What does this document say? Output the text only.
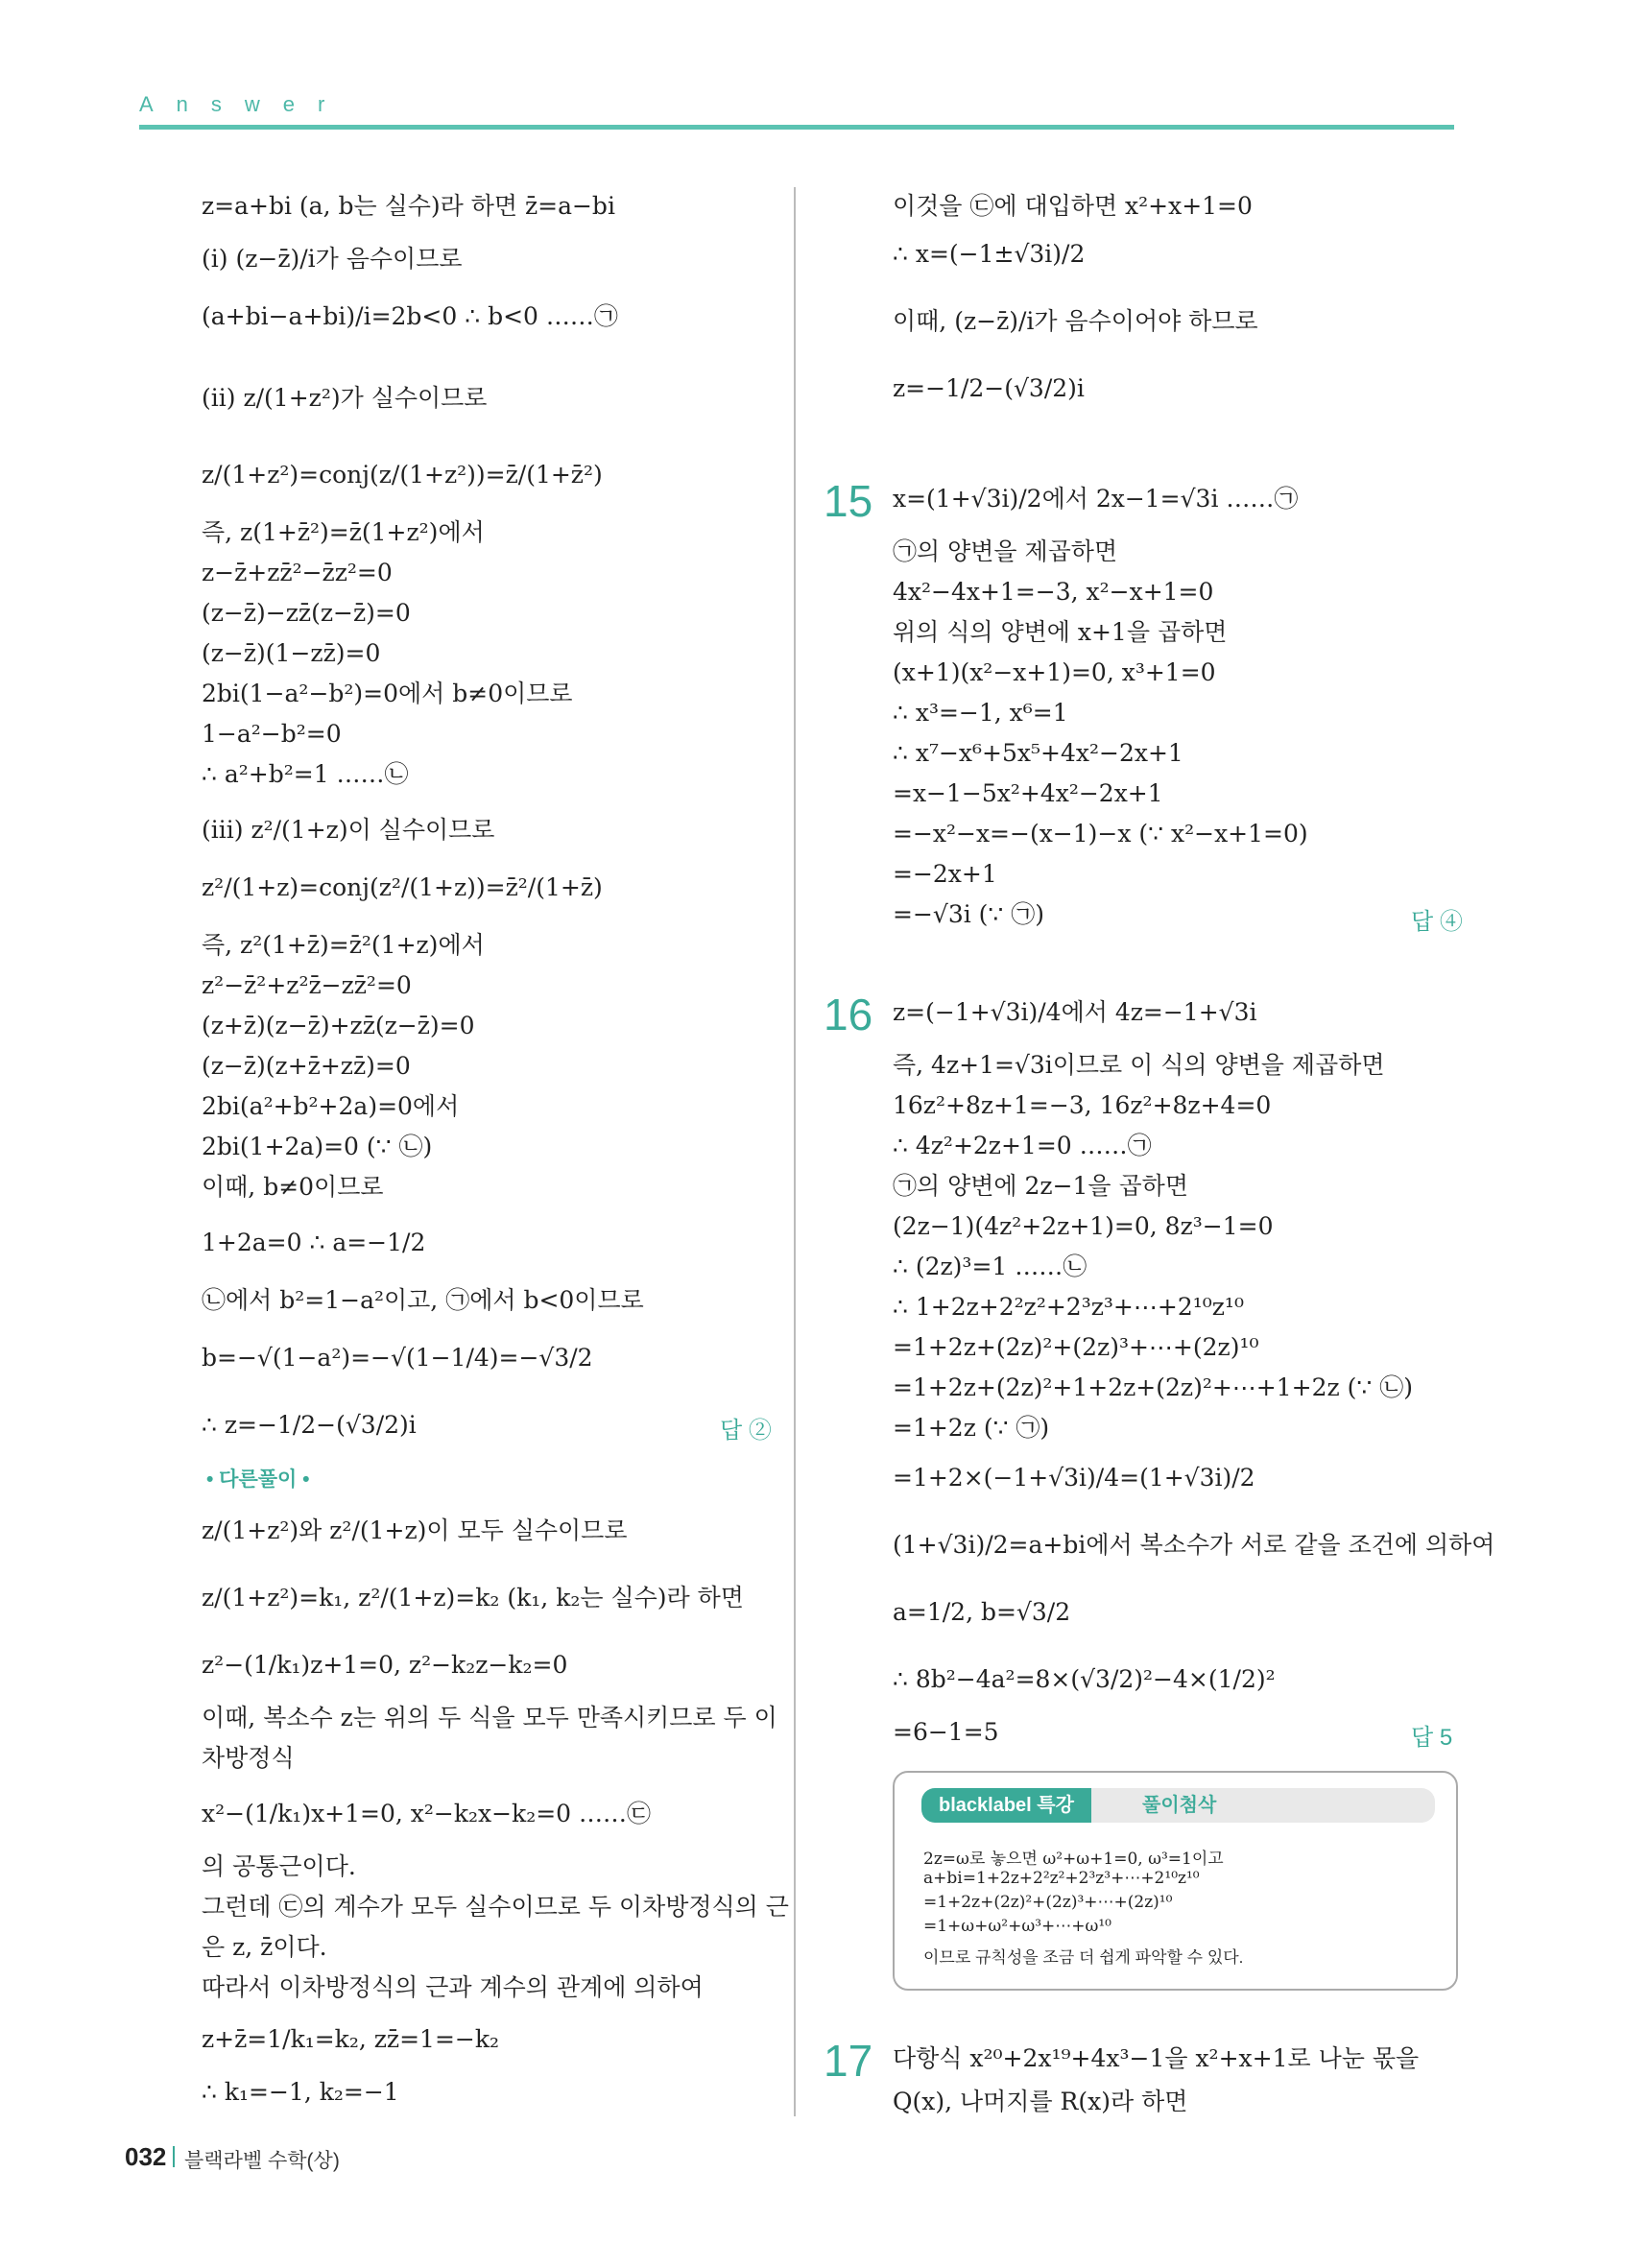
Answer
z=a+bi (a, b는 실수)라 하면 z̄=a−bi
(i) (z−z̄)/i가 음수이므로
(a+bi−a+bi)/i=2b<0 ∴ b<0 ……㉠
(ii) z/(1+z²)가 실수이므로
z/(1+z²)=conj(z/(1+z²))=z̄/(1+z̄²)
즉, z(1+z̄²)=z̄(1+z²)에서
z−z̄+zz̄²−z̄z²=0
(z−z̄)−zz̄(z−z̄)=0
(z−z̄)(1−zz̄)=0
2bi(1−a²−b²)=0에서 b≠0이므로
1−a²−b²=0
∴ a²+b²=1 ……㉡
(iii) z²/(1+z)이 실수이므로
z²/(1+z)=conj(z²/(1+z))=z̄²/(1+z̄)
즉, z²(1+z̄)=z̄²(1+z)에서
z²−z̄²+z²z̄−zz̄²=0
(z+z̄)(z−z̄)+zz̄(z−z̄)=0
(z−z̄)(z+z̄+zz̄)=0
2bi(a²+b²+2a)=0에서
2bi(1+2a)=0 (∵ ㉡)
이때, b≠0이므로
1+2a=0 ∴ a=−1/2
㉡에서 b²=1−a²이고, ㉠에서 b<0이므로
b=−√(1−a²)=−√(1−1/4)=−√3/2
∴ z=−1/2−(√3/2)i
• 다른풀이 •
z/(1+z²)와 z²/(1+z)이 모두 실수이므로
z/(1+z²)=k₁, z²/(1+z)=k₂ (k₁, k₂는 실수)라 하면
z²−(1/k₁)z+1=0, z²−k₂z−k₂=0
이때, 복소수 z는 위의 두 식을 모두 만족시키므로 두 이
차방정식
x²−(1/k₁)x+1=0, x²−k₂x−k₂=0 ……㉢
의 공통근이다.
그런데 ㉢의 계수가 모두 실수이므로 두 이차방정식의 근
은 z, z̄이다.
따라서 이차방정식의 근과 계수의 관계에 의하여
z+z̄=1/k₁=k₂, zz̄=1=−k₂
∴ k₁=−1, k₂=−1
답 ②
이것을 ㉢에 대입하면 x²+x+1=0
∴ x=(−1±√3i)/2
이때, (z−z̄)/i가 음수이어야 하므로
z=−1/2−(√3/2)i
15 x=(1+√3i)/2에서 2x−1=√3i ……㉠
㉠의 양변을 제곱하면
4x²−4x+1=−3, x²−x+1=0
위의 식의 양변에 x+1을 곱하면
(x+1)(x²−x+1)=0, x³+1=0
∴ x³=−1, x⁶=1
∴ x⁷−x⁶+5x⁵+4x²−2x+1
=x−1−5x²+4x²−2x+1
=−x²−x=−(x−1)−x (∵ x²−x+1=0)
=−2x+1
=−√3i (∵ ㉠)	답 ④
16 z=(−1+√3i)/4에서 4z=−1+√3i
즉, 4z+1=√3i이므로 이 식의 양변을 제곱하면
16z²+8z+1=−3, 16z²+8z+4=0
∴ 4z²+2z+1=0 ……㉠
㉠의 양변에 2z−1을 곱하면
(2z−1)(4z²+2z+1)=0, 8z³−1=0
∴ (2z)³=1 ……㉡
∴ 1+2z+2²z²+2³z³+⋯+2¹⁰z¹⁰
=1+2z+(2z)²+(2z)³+⋯+(2z)¹⁰
=1+2z+(2z)²+1+2z+(2z)²+⋯+1+2z (∵ ㉡)
=1+2z (∵ ㉠)
=1+2×(−1+√3i)/4=(1+√3i)/2
(1+√3i)/2=a+bi에서 복소수가 서로 같을 조건에 의하여
a=1/2, b=√3/2
∴ 8b²−4a²=8×(√3/2)²−4×(1/2)²
=6−1=5	답 5
blacklabel 특강	풀이첨삭
2z=ω로 놓으면 ω²+ω+1=0, ω³=1이고
a+bi=1+2z+2²z²+2³z³+⋯+2¹⁰z¹⁰
=1+2z+(2z)²+(2z)³+⋯+(2z)¹⁰
=1+ω+ω²+ω³+⋯+ω¹⁰
이므로 규칙성을 조금 더 쉽게 파악할 수 있다.
17 다항식 x²⁰+2x¹⁹+4x³−1을 x²+x+1로 나눈 몫을
Q(x), 나머지를 R(x)라 하면
032 블랙라벨 수학(상)
